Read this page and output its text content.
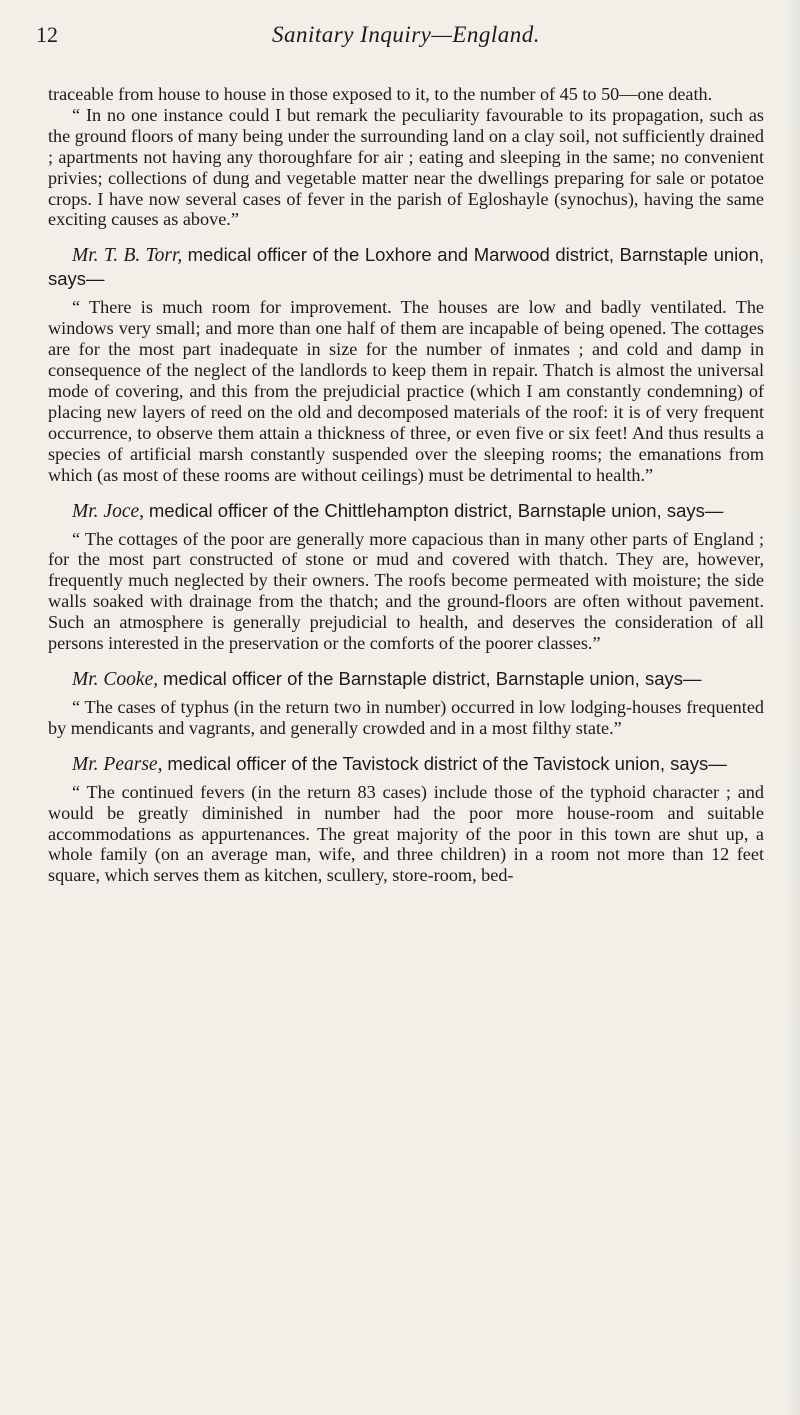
12	Sanitary Inquiry—England.

traceable from house to house in those exposed to it, to the number of 45 to 50—one death.

“ In no one instance could I but remark the peculiarity favourable to its propagation, such as the ground floors of many being under the surrounding land on a clay soil, not sufficiently drained ; apartments not having any thoroughfare for air ; eating and sleeping in the same; no convenient privies; collections of dung and vegetable matter near the dwellings preparing for sale or potatoe crops. I have now several cases of fever in the parish of Egloshayle (synochus), having the same exciting causes as above.”

Mr. T. B. Torr, medical officer of the Loxhore and Marwood district, Barnstaple union, says—

“ There is much room for improvement. The houses are low and badly ventilated. The windows very small; and more than one half of them are incapable of being opened. The cottages are for the most part inadequate in size for the number of inmates ; and cold and damp in consequence of the neglect of the landlords to keep them in repair. Thatch is almost the universal mode of covering, and this from the prejudicial practice (which I am constantly condemning) of placing new layers of reed on the old and decomposed materials of the roof: it is of very frequent occurrence, to observe them attain a thickness of three, or even five or six feet! And thus results a species of artificial marsh constantly suspended over the sleeping rooms; the emanations from which (as most of these rooms are without ceilings) must be detrimental to health.”

Mr. Joce, medical officer of the Chittlehampton district, Barnstaple union, says—

“ The cottages of the poor are generally more capacious than in many other parts of England ; for the most part constructed of stone or mud and covered with thatch. They are, however, frequently much neglected by their owners. The roofs become permeated with moisture; the side walls soaked with drainage from the thatch; and the ground-floors are often without pavement. Such an atmosphere is generally prejudicial to health, and deserves the consideration of all persons interested in the preservation or the comforts of the poorer classes.”

Mr. Cooke, medical officer of the Barnstaple district, Barnstaple union, says—

“ The cases of typhus (in the return two in number) occurred in low lodging-houses frequented by mendicants and vagrants, and generally crowded and in a most filthy state.”

Mr. Pearse, medical officer of the Tavistock district of the Tavistock union, says—

“ The continued fevers (in the return 83 cases) include those of the typhoid character ; and would be greatly diminished in number had the poor more house-room and suitable accommodations as appurtenances. The great majority of the poor in this town are shut up, a whole family (on an average man, wife, and three children) in a room not more than 12 feet square, which serves them as kitchen, scullery, store-room, bed-
